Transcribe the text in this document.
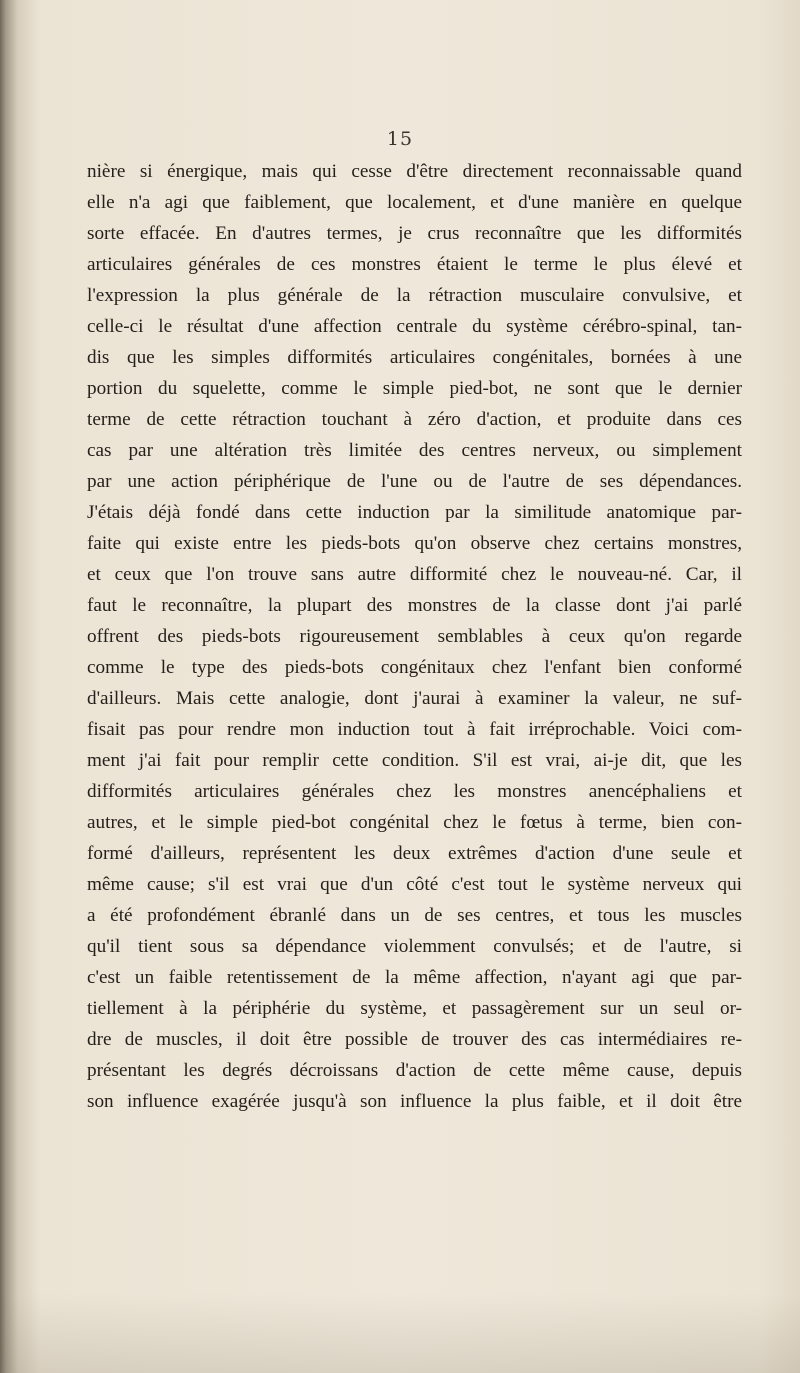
15
nière si énergique, mais qui cesse d'être directement reconnaissable quand
elle n'a agi que faiblement, que localement, et d'une manière en quelque
sorte effacée. En d'autres termes, je crus reconnaître que les difformités
articulaires générales de ces monstres étaient le terme le plus élevé et
l'expression la plus générale de la rétraction musculaire convulsive, et
celle-ci le résultat d'une affection centrale du système cérébro-spinal, tan-
dis que les simples difformités articulaires congénitales, bornées à une
portion du squelette, comme le simple pied-bot, ne sont que le dernier
terme de cette rétraction touchant à zéro d'action, et produite dans ces
cas par une altération très limitée des centres nerveux, ou simplement
par une action périphérique de l'une ou de l'autre de ses dépendances.
J'étais déjà fondé dans cette induction par la similitude anatomique par-
faite qui existe entre les pieds-bots qu'on observe chez certains monstres,
et ceux que l'on trouve sans autre difformité chez le nouveau-né. Car, il
faut le reconnaître, la plupart des monstres de la classe dont j'ai parlé
offrent des pieds-bots rigoureusement semblables à ceux qu'on regarde
comme le type des pieds-bots congénitaux chez l'enfant bien conformé
d'ailleurs. Mais cette analogie, dont j'aurai à examiner la valeur, ne suf-
fisait pas pour rendre mon induction tout à fait irréprochable. Voici com-
ment j'ai fait pour remplir cette condition. S'il est vrai, ai-je dit, que les
difformités articulaires générales chez les monstres anencéphaliens et
autres, et le simple pied-bot congénital chez le fœtus à terme, bien con-
formé d'ailleurs, représentent les deux extrêmes d'action d'une seule et
même cause; s'il est vrai que d'un côté c'est tout le système nerveux qui
a été profondément ébranlé dans un de ses centres, et tous les muscles
qu'il tient sous sa dépendance violemment convulsés; et de l'autre, si
c'est un faible retentissement de la même affection, n'ayant agi que par-
tiellement à la périphérie du système, et passagèrement sur un seul or-
dre de muscles, il doit être possible de trouver des cas intermédiaires re-
présentant les degrés décroissans d'action de cette même cause, depuis
son influence exagérée jusqu'à son influence la plus faible, et il doit être
